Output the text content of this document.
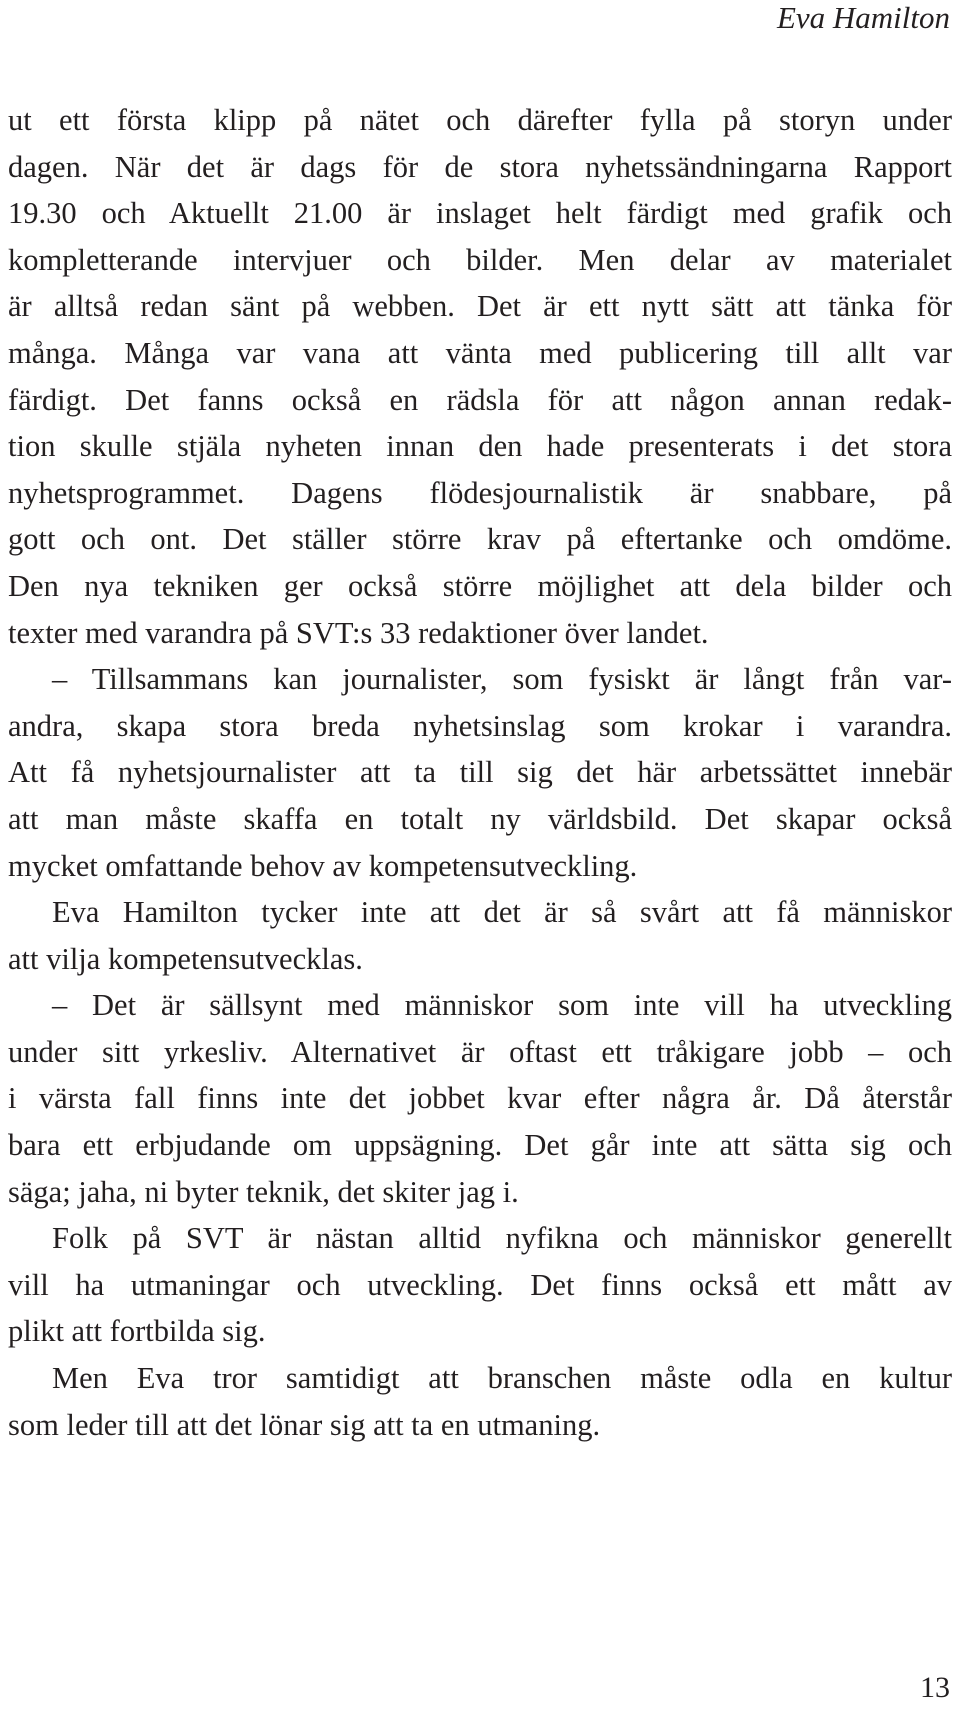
Eva Hamilton
ut ett första klipp på nätet och därefter fylla på storyn under
dagen. När det är dags för de stora nyhetssändningarna Rapport
19.30 och Aktuellt 21.00 är inslaget helt färdigt med grafik och
kompletterande intervjuer och bilder. Men delar av materialet
är alltså redan sänt på webben. Det är ett nytt sätt att tänka för
många. Många var vana att vänta med publicering till allt var
färdigt. Det fanns också en rädsla för att någon annan redak-
tion skulle stjäla nyheten innan den hade presenterats i det stora
nyhetsprogrammet. Dagens flödesjournalistik är snabbare, på
gott och ont. Det ställer större krav på eftertanke och omdöme.
Den nya tekniken ger också större möjlighet att dela bilder och
texter med varandra på SVT:s 33 redaktioner över landet.
– Tillsammans kan journalister, som fysiskt är långt från var-
andra, skapa stora breda nyhetsinslag som krokar i varandra.
Att få nyhetsjournalister att ta till sig det här arbetssättet innebär
att man måste skaffa en totalt ny världsbild. Det skapar också
mycket omfattande behov av kompetensutveckling.
Eva Hamilton tycker inte att det är så svårt att få människor
att vilja kompetensutvecklas.
– Det är sällsynt med människor som inte vill ha utveckling
under sitt yrkesliv. Alternativet är oftast ett tråkigare jobb – och
i värsta fall finns inte det jobbet kvar efter några år. Då återstår
bara ett erbjudande om uppsägning. Det går inte att sätta sig och
säga; jaha, ni byter teknik, det skiter jag i.
Folk på SVT är nästan alltid nyfikna och människor generellt
vill ha utmaningar och utveckling. Det finns också ett mått av
plikt att fortbilda sig.
Men Eva tror samtidigt att branschen måste odla en kultur
som leder till att det lönar sig att ta en utmaning.
13
